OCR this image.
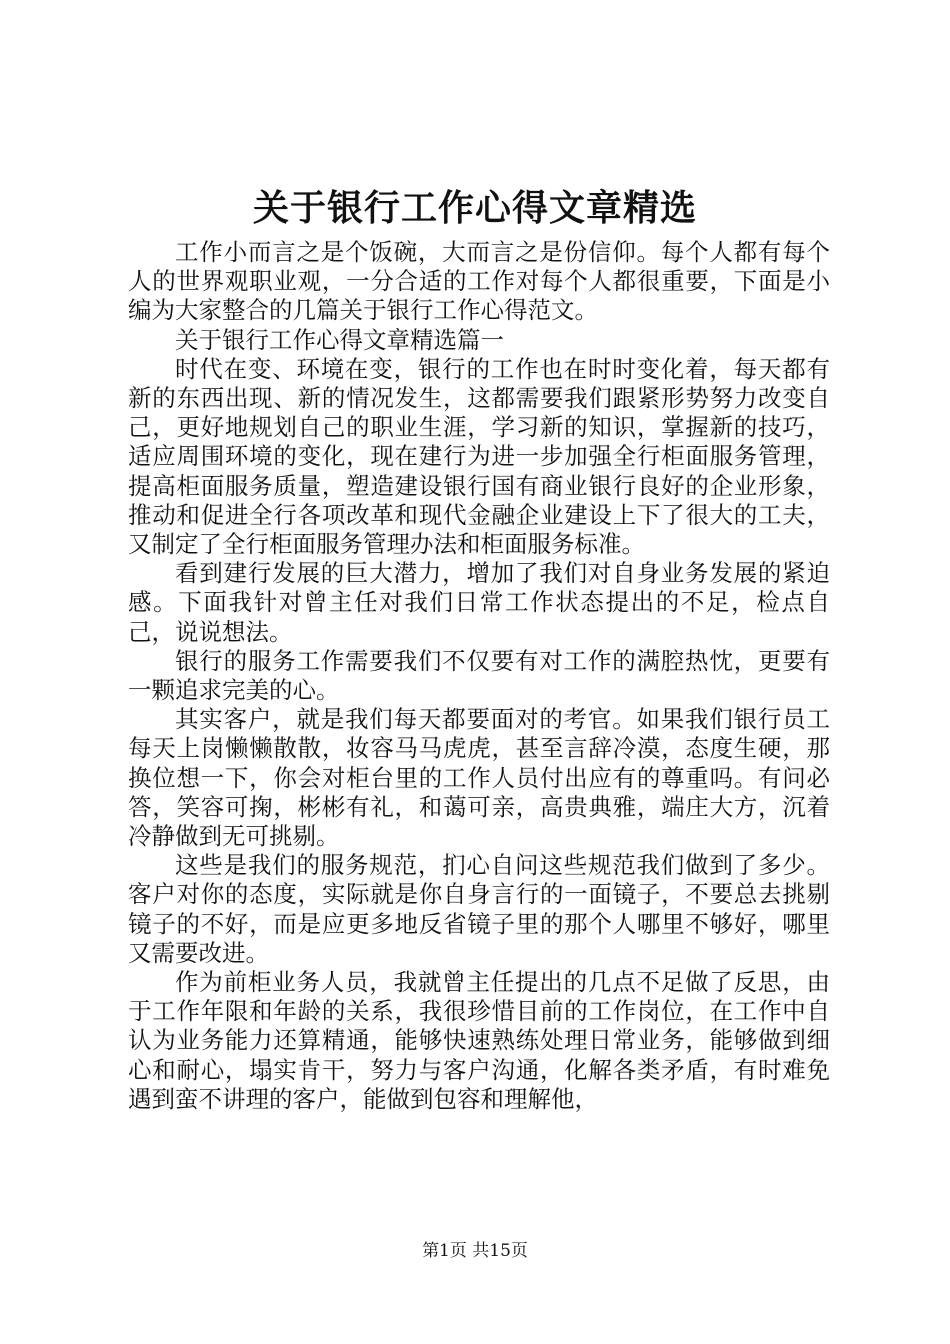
关于银行工作心得文章精选

工作小而言之是个饭碗，大而言之是份信仰。每个人都有每个人的世界观职业观，一分合适的工作对每个人都很重要，下面是小编为大家整合的几篇关于银行工作心得范文。

关于银行工作心得文章精选篇一

时代在变、环境在变，银行的工作也在时时变化着，每天都有新的东西出现、新的情况发生，这都需要我们跟紧形势努力改变自己，更好地规划自己的职业生涯，学习新的知识，掌握新的技巧，适应周围环境的变化，现在建行为进一步加强全行柜面服务管理，提高柜面服务质量，塑造建设银行国有商业银行良好的企业形象，推动和促进全行各项改革和现代金融企业建设上下了很大的工夫，又制定了全行柜面服务管理办法和柜面服务标准。

看到建行发展的巨大潜力，增加了我们对自身业务发展的紧迫感。下面我针对曾主任对我们日常工作状态提出的不足，检点自己，说说想法。

银行的服务工作需要我们不仅要有对工作的满腔热忱，更要有一颗追求完美的心。

其实客户，就是我们每天都要面对的考官。如果我们银行员工每天上岗懒懒散散，妆容马马虎虎，甚至言辞冷漠，态度生硬，那换位想一下，你会对柜台里的工作人员付出应有的尊重吗。有问必答，笑容可掬，彬彬有礼，和蔼可亲，高贵典雅，端庄大方，沉着冷静做到无可挑剔。

这些是我们的服务规范，扪心自问这些规范我们做到了多少。客户对你的态度，实际就是你自身言行的一面镜子，不要总去挑剔镜子的不好，而是应更多地反省镜子里的那个人哪里不够好，哪里又需要改进。

作为前柜业务人员，我就曾主任提出的几点不足做了反思，由于工作年限和年龄的关系，我很珍惜目前的工作岗位，在工作中自认为业务能力还算精通，能够快速熟练处理日常业务，能够做到细心和耐心，塌实肯干，努力与客户沟通，化解各类矛盾，有时难免遇到蛮不讲理的客户，能做到包容和理解他，

第1页 共15页
